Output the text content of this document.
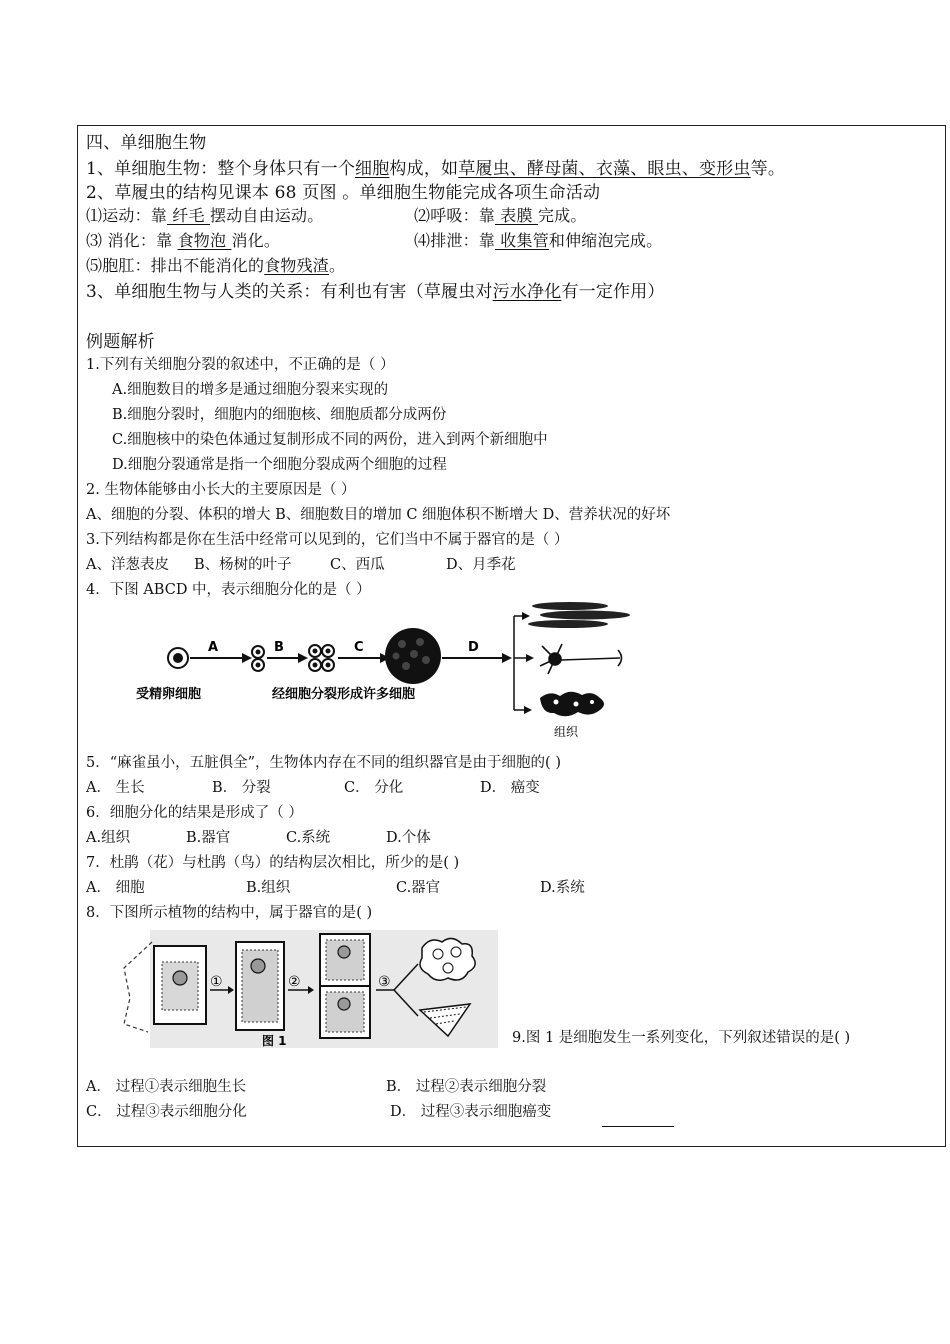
四、单细胞生物
1、单细胞生物：整个身体只有一个细胞构成，如草履虫、酵母菌、衣藻、眼虫、变形虫等。
2、草履虫的结构见课本 68 页图 。单细胞生物能完成各项生命活动
⑴运动：靠 纤毛 摆动自由运动。	⑵呼吸：靠 表膜 完成。
⑶ 消化：靠 食物泡 消化。	⑷排泄：靠 收集管和伸缩泡完成。
⑸胞肛：排出不能消化的食物残渣。
3、单细胞生物与人类的关系：有利也有害（草履虫对污水净化有一定作用）
例题解析
1.下列有关细胞分裂的叙述中，不正确的是（ ）
A.细胞数目的增多是通过细胞分裂来实现的
B.细胞分裂时，细胞内的细胞核、细胞质都分成两份
C.细胞核中的染色体通过复制形成不同的两份，进入到两个新细胞中
D.细胞分裂通常是指一个细胞分裂成两个细胞的过程
2. 生物体能够由小长大的主要原因是（ ）
A、细胞的分裂、体积的增大 B、细胞数目的增加 C 细胞体积不断增大 D、营养状况的好坏
3.下列结构都是你在生活中经常可以见到的，它们当中不属于器官的是（ ）
A、洋葱表皮 B、杨树的叶子	C、西瓜	D、月季花
4．下图 ABCD 中，表示细胞分化的是（ ）
A	B	C	D
受精卵细胞	经细胞分裂形成许多细胞
组织
5．“麻雀虽小，五脏俱全”，生物体内存在不同的组织器官是由于细胞的( )
A． 生长	B． 分裂	C． 分化	D． 癌变
6．细胞分化的结果是形成了（ ）
A.组织	B.器官	C.系统	D.个体
7．杜鹃（花）与杜鹃（鸟）的结构层次相比，所少的是( )
A． 细胞	B.组织	C.器官	D.系统
8．下图所示植物的结构中，属于器官的是( )
①	②	③
图 1	9.图 1 是细胞发生一系列变化，下列叙述错误的是( )
A． 过程①表示细胞生长	B． 过程②表示细胞分裂
C． 过程③表示细胞分化	D． 过程③表示细胞癌变
